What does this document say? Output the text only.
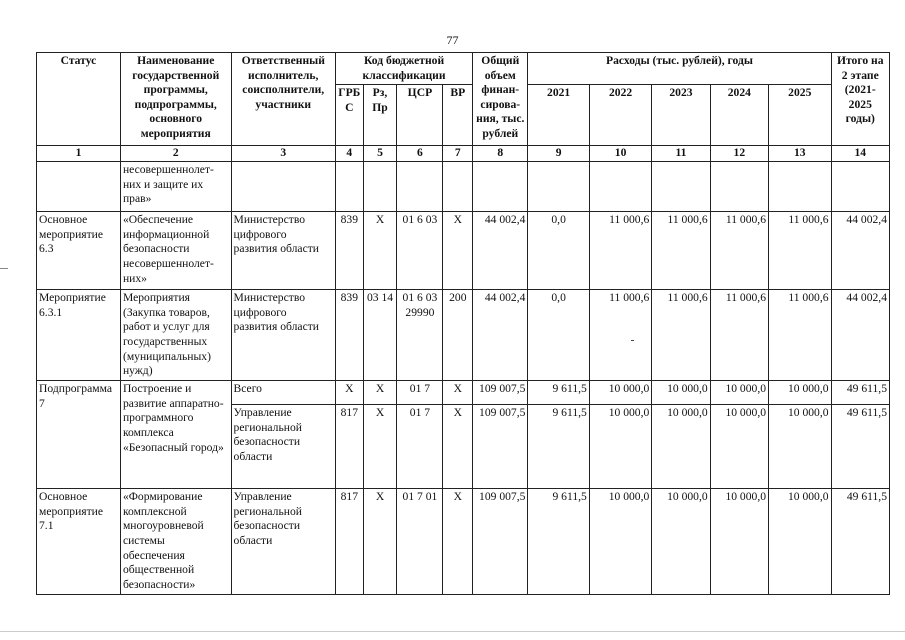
77
Статус	Наименование государственной программы, подпрограммы, основного мероприятия	Ответственный исполнитель, соисполнители, участники	Код бюджетной классификации				Общий объем финан-сирова-ния, тыс. рублей	Расходы (тыс. рублей), годы					Итого на 2 этапе (2021-2025 годы)
			ГРБ С	Рз, Пр	ЦСР	ВР		2021	2022	2023	2024	2025	
1	2	3	4	5	6	7	8	9	10	11	12	13	14
	несовершеннолет-них и защите их прав»												
Основное мероприятие 6.3	«Обеспечение информационной безопасности несовершеннолет-них»	Министерство цифрового развития области	839	Х	01 6 03	Х	44 002,4	0,0	11 000,6	11 000,6	11 000,6	11 000,6	44 002,4
Мероприятие 6.3.1	Мероприятия (Закупка товаров, работ и услуг для государственных (муниципальных) нужд)	Министерство цифрового развития области	839	03 14	01 6 03 29990	200	44 002,4	0,0	11 000,6	11 000,6	11 000,6	11 000,6	44 002,4
Подпрограмма 7	Построение и развитие аппаратно-программного комплекса «Безопасный город»	Всего	Х	Х	01 7	Х	109 007,5	9 611,5	10 000,0	10 000,0	10 000,0	10 000,0	49 611,5
		Управление региональной безопасности области	817	Х	01 7	Х	109 007,5	9 611,5	10 000,0	10 000,0	10 000,0	10 000,0	49 611,5
Основное мероприятие 7.1	«Формирование комплексной многоуровневой системы обеспечения общественной безопасности»	Управление региональной безопасности области	817	Х	01 7 01	Х	109 007,5	9 611,5	10 000,0	10 000,0	10 000,0	10 000,0	49 611,5
